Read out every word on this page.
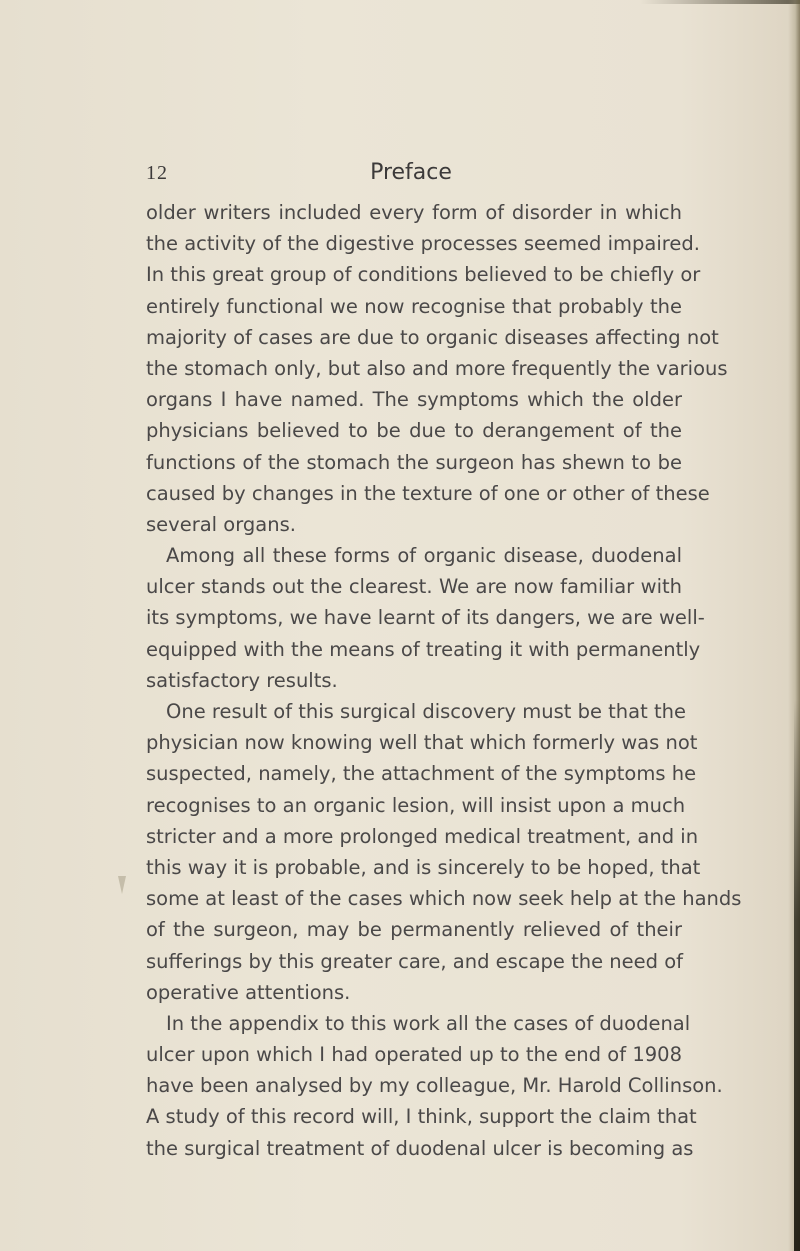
12	Preface
older writers included every form of disorder in which
the activity of the digestive processes seemed impaired.
In this great group of conditions believed to be chiefly or
entirely functional we now recognise that probably the
majority of cases are due to organic diseases affecting not
the stomach only, but also and more frequently the various
organs I have named. The symptoms which the older
physicians believed to be due to derangement of the
functions of the stomach the surgeon has shewn to be
caused by changes in the texture of one or other of these
several organs.
Among all these forms of organic disease, duodenal
ulcer stands out the clearest. We are now familiar with
its symptoms, we have learnt of its dangers, we are well-
equipped with the means of treating it with permanently
satisfactory results.
One result of this surgical discovery must be that the
physician now knowing well that which formerly was not
suspected, namely, the attachment of the symptoms he
recognises to an organic lesion, will insist upon a much
stricter and a more prolonged medical treatment, and in
this way it is probable, and is sincerely to be hoped, that
some at least of the cases which now seek help at the hands
of the surgeon, may be permanently relieved of their
sufferings by this greater care, and escape the need of
operative attentions.
In the appendix to this work all the cases of duodenal
ulcer upon which I had operated up to the end of 1908
have been analysed by my colleague, Mr. Harold Collinson.
A study of this record will, I think, support the claim that
the surgical treatment of duodenal ulcer is becoming as
